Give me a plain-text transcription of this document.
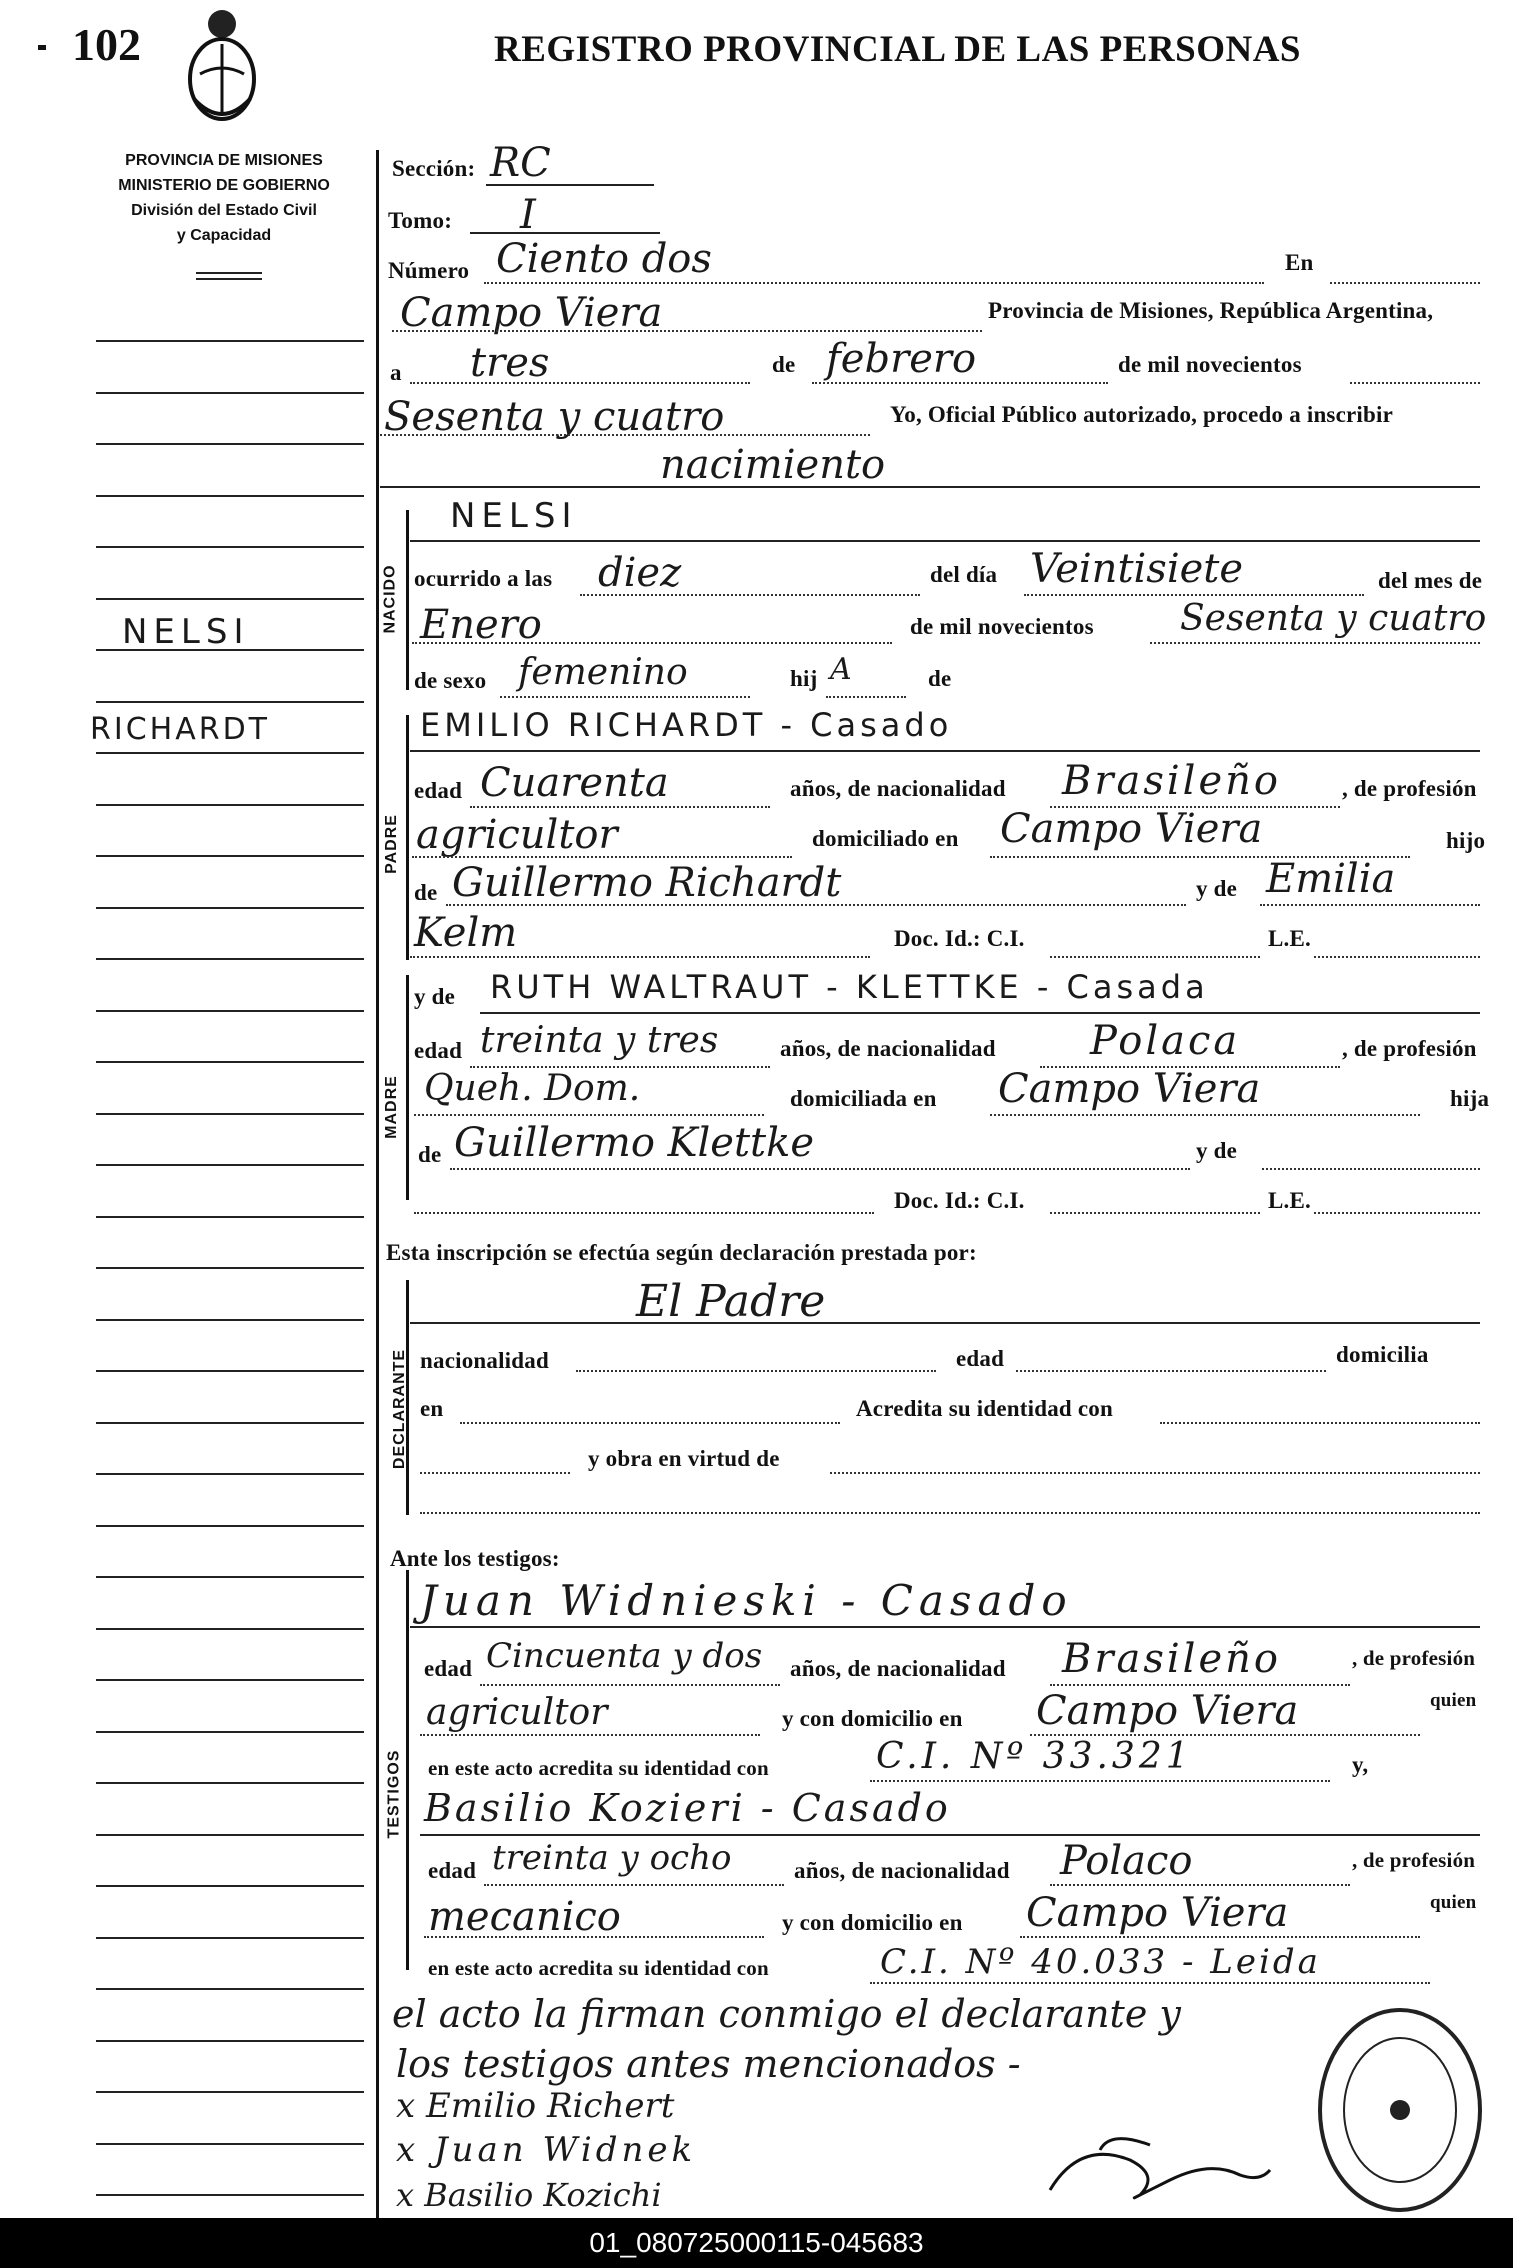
102	REGISTRO PROVINCIAL DE LAS PERSONAS
PROVINCIA DE MISIONES
MINISTERIO DE GOBIERNO
División del Estado Civil
y Capacidad
NELSI
RICHARDT
NACIDO
PADRE
MADRE
DECLARANTE
TESTIGOS
Sección: RC
Tomo: I
Número Ciento dos	En
Campo Viera	Provincia de Misiones, República Argentina,
a tres	de febrero	de mil novecientos
Sesenta y cuatro	Yo, Oficial Público autorizado, procedo a inscribir
nacimiento
NELSI
ocurrido a las diez	del día Veintisiete	del mes de
Enero	de mil novecientos Sesenta y cuatro
de sexo femenino	hij A	de
EMILIO RICHARDT - Casado
edad Cuarenta	años, de nacionalidad Brasileño	, de profesión
agricultor	domiciliado en Campo Viera	hijo
de Guillermo Richardt	y de Emilia
Kelm	Doc. Id.: C.I.	L.E.
y de RUTH WALTRAUT - KLETTKE - Casada
edad treinta y tres	años, de nacionalidad Polaca	, de profesión
Queh. Dom.	domiciliada en Campo Viera	hija
de Guillermo Klettke	y de
Doc. Id.: C.I.	L.E.
Esta inscripción se efectúa según declaración prestada por:
El Padre
nacionalidad	edad	domicilia
en	Acredita su identidad con
y obra en virtud de
Ante los testigos:
Juan Widnieski - Casado
edad Cincuenta y dos años, de nacionalidad Brasileño	, de profesión
agricultor	y con domicilio en Campo Viera	quien
en este acto acredita su identidad con	C.I. Nº 33.321	y,
Basilio Kozieri - Casado
edad treinta y ocho	años, de nacionalidad Polaco	, de profesión
mecanico	y con domicilio en Campo Viera	quien
en este acto acredita su identidad con	C.I. Nº 40.033 - Leida
el acto la firman conmigo el declarante y
los testigos antes mencionados -
x Emilio Richert
x Juan Widnek
x Basilio Kozichi
01_080725000115-045683
